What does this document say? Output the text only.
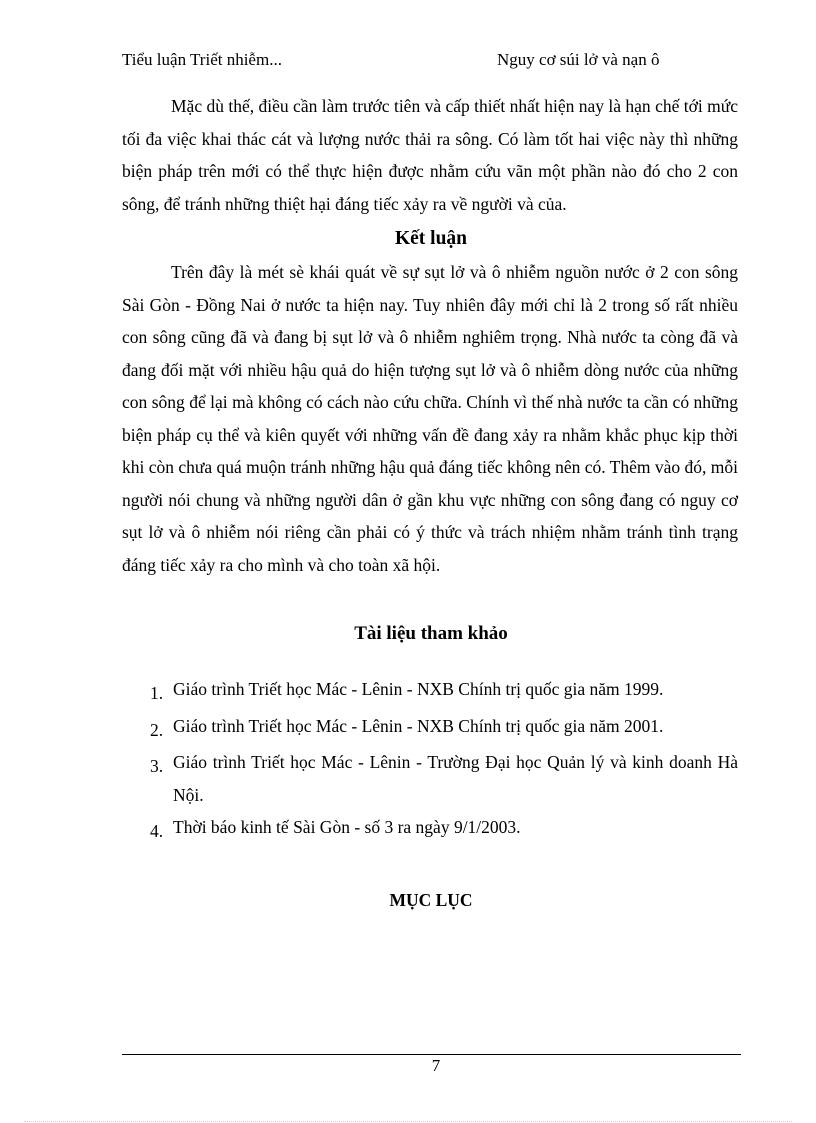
Tiểu luận Triết nhiễm...	Nguy cơ súi lở và nạn ô

Mặc dù thế, điều cần làm trước tiên và cấp thiết nhất hiện nay là hạn chế tới mức tối đa việc khai thác cát và lượng nước thải ra sông. Có làm tốt hai việc này thì những biện pháp trên mới có thể thực hiện được nhằm cứu vãn một phần nào đó cho 2 con sông, để tránh những thiệt hại đáng tiếc xảy ra về người và của.

Kết luận

Trên đây là mét sè khái quát về sự sụt lở và ô nhiễm nguồn nước ở 2 con sông Sài Gòn - Đồng Nai ở nước ta hiện nay. Tuy nhiên đây mới chỉ là 2 trong số rất nhiều con sông cũng đã và đang bị sụt lở và ô nhiễm nghiêm trọng. Nhà nước ta còng đã và đang đối mặt với nhiều hậu quả do hiện tượng sụt lở và ô nhiễm dòng nước của những con sông để lại mà không có cách nào cứu chữa. Chính vì thế nhà nước ta cần có những biện pháp cụ thể và kiên quyết với những vấn đề đang xảy ra nhằm khắc phục kịp thời khi còn chưa quá muộn tránh những hậu quả đáng tiếc không nên có. Thêm vào đó, mỗi người nói chung và những người dân ở gần khu vực những con sông đang có nguy cơ sụt lở và ô nhiễm nói riêng cần phải có ý thức và trách nhiệm nhằm tránh tình trạng đáng tiếc xảy ra cho mình và cho toàn xã hội.

Tài liệu tham khảo
1. Giáo trình Triết học Mác - Lênin - NXB Chính trị quốc gia năm 1999.
2. Giáo trình Triết học Mác - Lênin - NXB Chính trị quốc gia năm 2001.
3. Giáo trình Triết học Mác - Lênin - Trường Đại học Quản lý và kinh doanh Hà Nội.
4. Thời báo kinh tế Sài Gòn - số 3 ra ngày 9/1/2003.
MỤC LỤC
7
